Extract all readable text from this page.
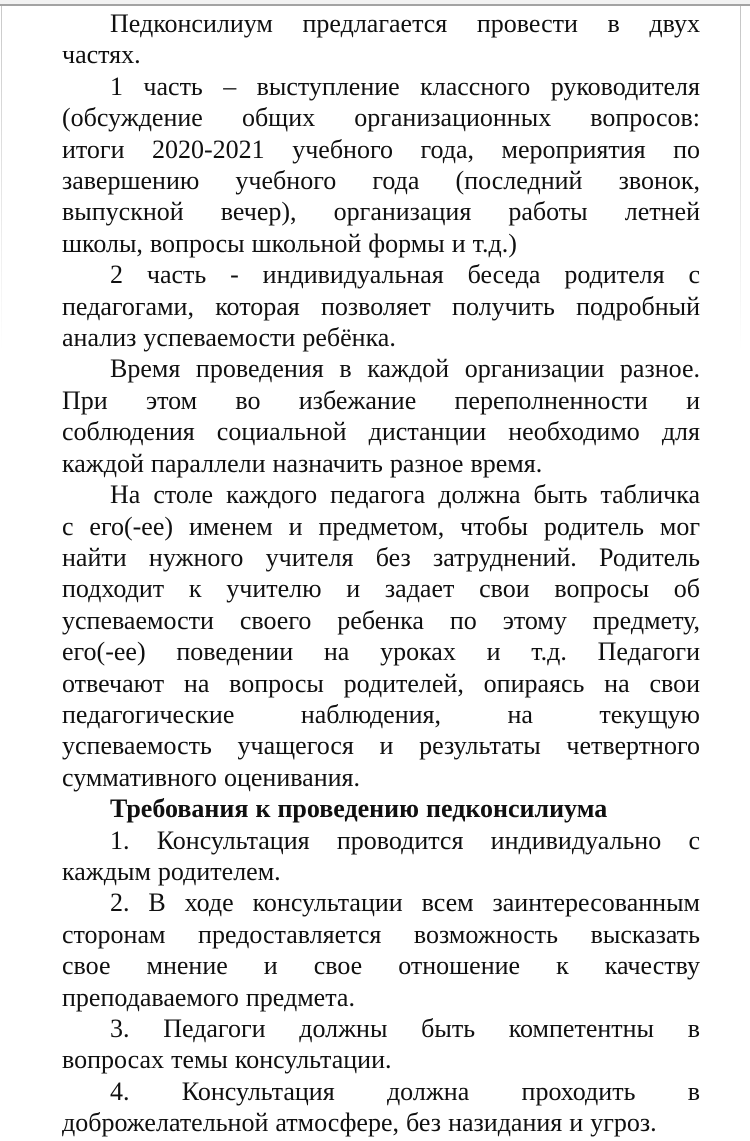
Педконсилиум предлагается провести в двух
частях.
1 часть – выступление классного руководителя
(обсуждение общих организационных вопросов:
итоги 2020-2021 учебного года, мероприятия по
завершению учебного года (последний звонок,
выпускной вечер), организация работы летней
школы, вопросы школьной формы и т.д.)
2 часть - индивидуальная беседа родителя с
педагогами, которая позволяет получить подробный
анализ успеваемости ребёнка.
Время проведения в каждой организации разное.
При этом во избежание переполненности и
соблюдения социальной дистанции необходимо для
каждой параллели назначить разное время.
На столе каждого педагога должна быть табличка
с его(-ее) именем и предметом, чтобы родитель мог
найти нужного учителя без затруднений. Родитель
подходит к учителю и задает свои вопросы об
успеваемости своего ребенка по этому предмету,
его(-ее) поведении на уроках и т.д. Педагоги
отвечают на вопросы родителей, опираясь на свои
педагогические наблюдения, на текущую
успеваемость учащегося и результаты четвертного
суммативного оценивания.
Требования к проведению педконсилиума
1. Консультация проводится индивидуально с
каждым родителем.
2. В ходе консультации всем заинтересованным
сторонам предоставляется возможность высказать
свое мнение и свое отношение к качеству
преподаваемого предмета.
3. Педагоги должны быть компетентны в
вопросах темы консультации.
4. Консультация должна проходить в
доброжелательной атмосфере, без назидания и угроз.
